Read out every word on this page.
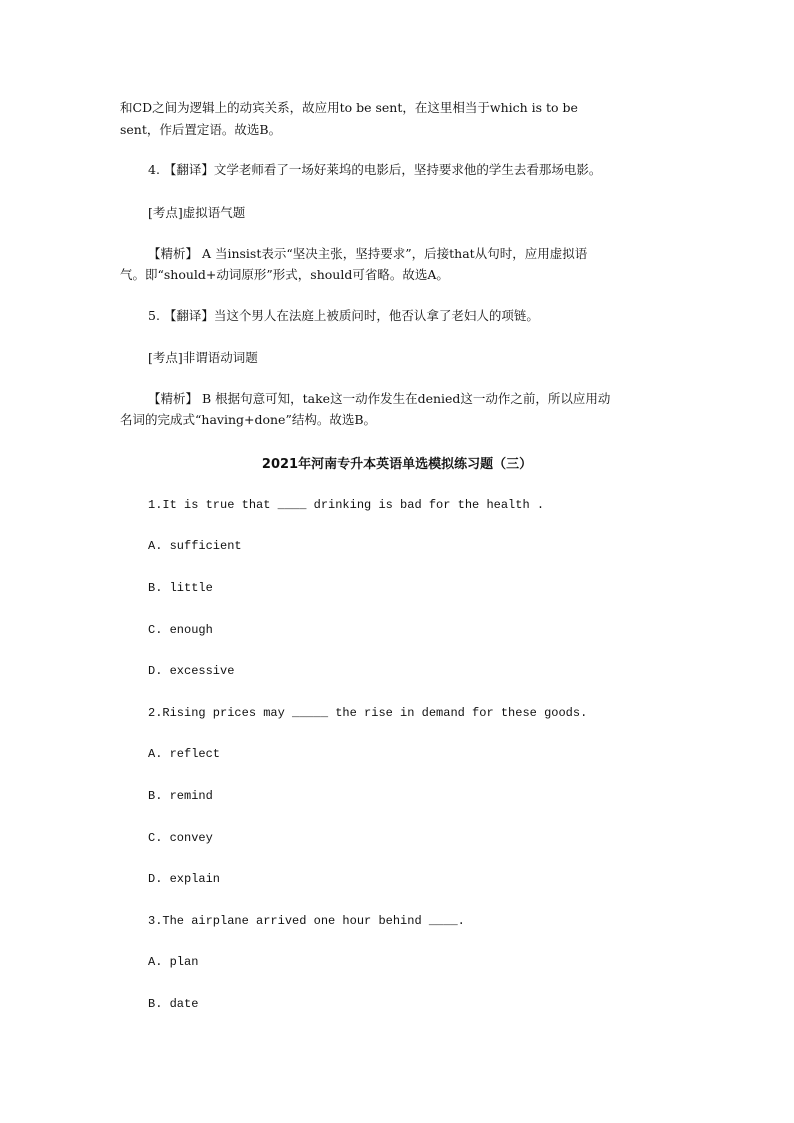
和CD之间为逻辑上的动宾关系，故应用to be sent，在这里相当于which is to be
sent，作后置定语。故选B。
4. 【翻译】文学老师看了一场好莱坞的电影后，坚持要求他的学生去看那场电影。
[考点]虚拟语气题
【精析】 A 当insist表示“坚决主张，坚持要求”，后接that从句时，应用虚拟语
气。即“should+动词原形”形式，should可省略。故选A。
5. 【翻译】当这个男人在法庭上被质问时，他否认拿了老妇人的项链。
[考点]非谓语动词题
【精析】 B 根据句意可知，take这一动作发生在denied这一动作之前，所以应用动
名词的完成式“having+done”结构。故选B。
2021年河南专升本英语单选模拟练习题（三）
1.It is true that ____ drinking is bad for the health .
A. sufficient
B. little
C. enough
D. excessive
2.Rising prices may _____ the rise in demand for these goods.
A. reflect
B. remind
C. convey
D. explain
3.The airplane arrived one hour behind ____.
A. plan
B. date
